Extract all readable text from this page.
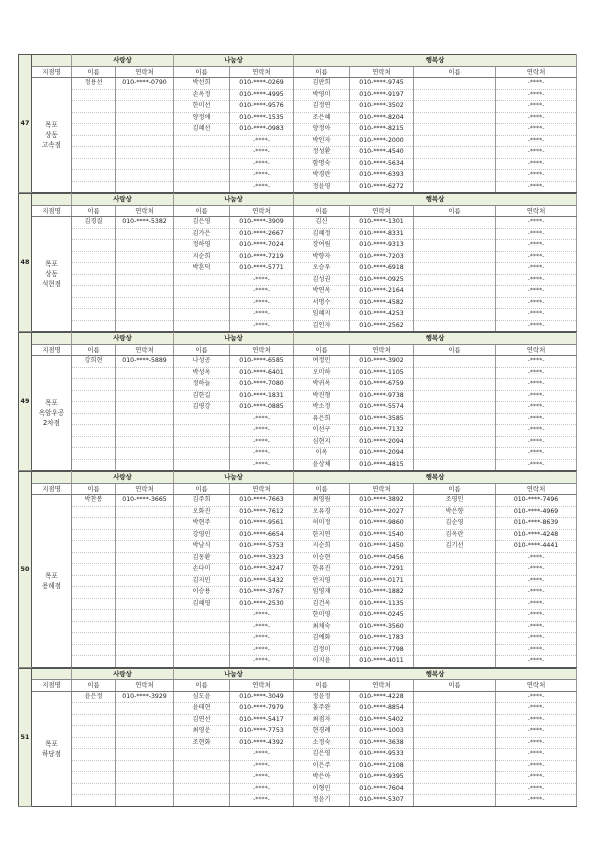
47		사랑상		나눔상		행복상			
	지점명	이름	연락처	이름	연락처	이름	연락처	이름	연락처
	목포
상동
고속점	정용선	010-****-0790	박선희	010-****-0269	김판희	010-****-9745		-****-
				손옥정	010-****-4995	박영미	010-****-9197		-****-
				한미선	010-****-9576	김정연	010-****-3502		-****-
				양정애	010-****-1535	조은혜	010-****-8204		-****-
				김혜선	010-****-0983	양정아	010-****-8215		-****-
					-****-	박인자	010-****-2000		-****-
					-****-	정성환	010-****-4540		-****-
					-****-	함명숙	010-****-5634		-****-
					-****-	박경란	010-****-6393		-****-
					-****-	정윤영	010-****-6272		-****-
48		사랑상		나눔상		행복상			
	지점명	이름	연락처	이름	연락처	이름	연락처	이름	연락처
	목포
상동
석현점	김경질	010-****-5382	김은영	010-****-3909	김신	010-****-1301		-****-
				김가은	010-****-2667	김혜정	010-****-8331		-****-
				정하영	010-****-7024	장여림	010-****-9313		-****-
				지순희	010-****-7219	박향자	010-****-7203		-****-
				박혼덕	010-****-5771	오승우	010-****-6918		-****-
					-****-	김성권	010-****-0925		-****-
					-****-	박연옥	010-****-2164		-****-
					-****-	서명수	010-****-4582		-****-
					-****-	임혜지	010-****-4253		-****-
					-****-	김인자	010-****-2562		-****-
49		사랑상		나눔상		행복상			
	지점명	이름	연락처	이름	연락처	이름	연락처	이름	연락처
	목포
옥암우공
2차점	강희현	010-****-5889	나성공	010-****-6585	여정민	010-****-3902		-****-
				박성옥	010-****-6401	오미하	010-****-1105		-****-
				정하늘	010-****-7080	박귀옥	010-****-6759		-****-
				김한길	010-****-1831	박진형	010-****-9738		-****-
				김평강	010-****-0885	박소정	010-****-5574		-****-
					-****-	유은희	010-****-3585		-****-
					-****-	이선구	010-****-7132		-****-
					-****-	심현지	010-****-2094		-****-
					-****-	이옥	010-****-2094		-****-
					-****-	윤상체	010-****-4815		-****-
50		사랑상		나눔상		행복상			
	지점명	이름	연락처	이름	연락처	이름	연락처	이름	연락처
	목포
용해점	박찬봉	010-****-3665	김주희	010-****-7663	최영림	010-****-3892	조영인	010-****-7496
				오화진	010-****-7612	오유경	010-****-2027	박은향	010-****-4969
				박현주	010-****-9561	허미정	010-****-9860	김순영	010-****-8639
				강영민	010-****-6654	한지연	010-****-1540	김옥란	010-****-4248
				박남식	010-****-5753	지순희	010-****-1450	김기선	010-****-4441
				김동환	010-****-3323	이승현	010-****-0456		-****-
				손다미	010-****-3247	한유진	010-****-7291		-****-
				김지민	010-****-5432	안지영	010-****-0171		-****-
				이승용	010-****-3767	임영재	010-****-1882		-****-
				김혜영	010-****-2530	김건옥	010-****-1135		-****-
					-****-	한미영	010-****-0245		-****-
					-****-	최채숙	010-****-3560		-****-
					-****-	김예화	010-****-1783		-****-
					-****-	김정미	010-****-7798		-****-
					-****-	이지윤	010-****-4011		-****-
51		사랑상		나눔상		행복상			
	지점명	이름	연락처	이름	연락처	이름	연락처	이름	연락처
	목포
하당점	윤은정	010-****-3929	심도윤	010-****-3049	정윤정	010-****-4228		-****-
				윤태현	010-****-7979	홍주완	010-****-8854		-****-
				김연선	010-****-5417	최점자	010-****-5402		-****-
				최영운	010-****-7753	현경례	010-****-1003		-****-
				조현화	010-****-4392	소정숙	010-****-3638		-****-
					-****-	김은영	010-****-9533		-****-
					-****-	이은주	010-****-2108		-****-
					-****-	박은아	010-****-9395		-****-
					-****-	이형민	010-****-7604		-****-
					-****-	정윤기	010-****-5307		-****-
